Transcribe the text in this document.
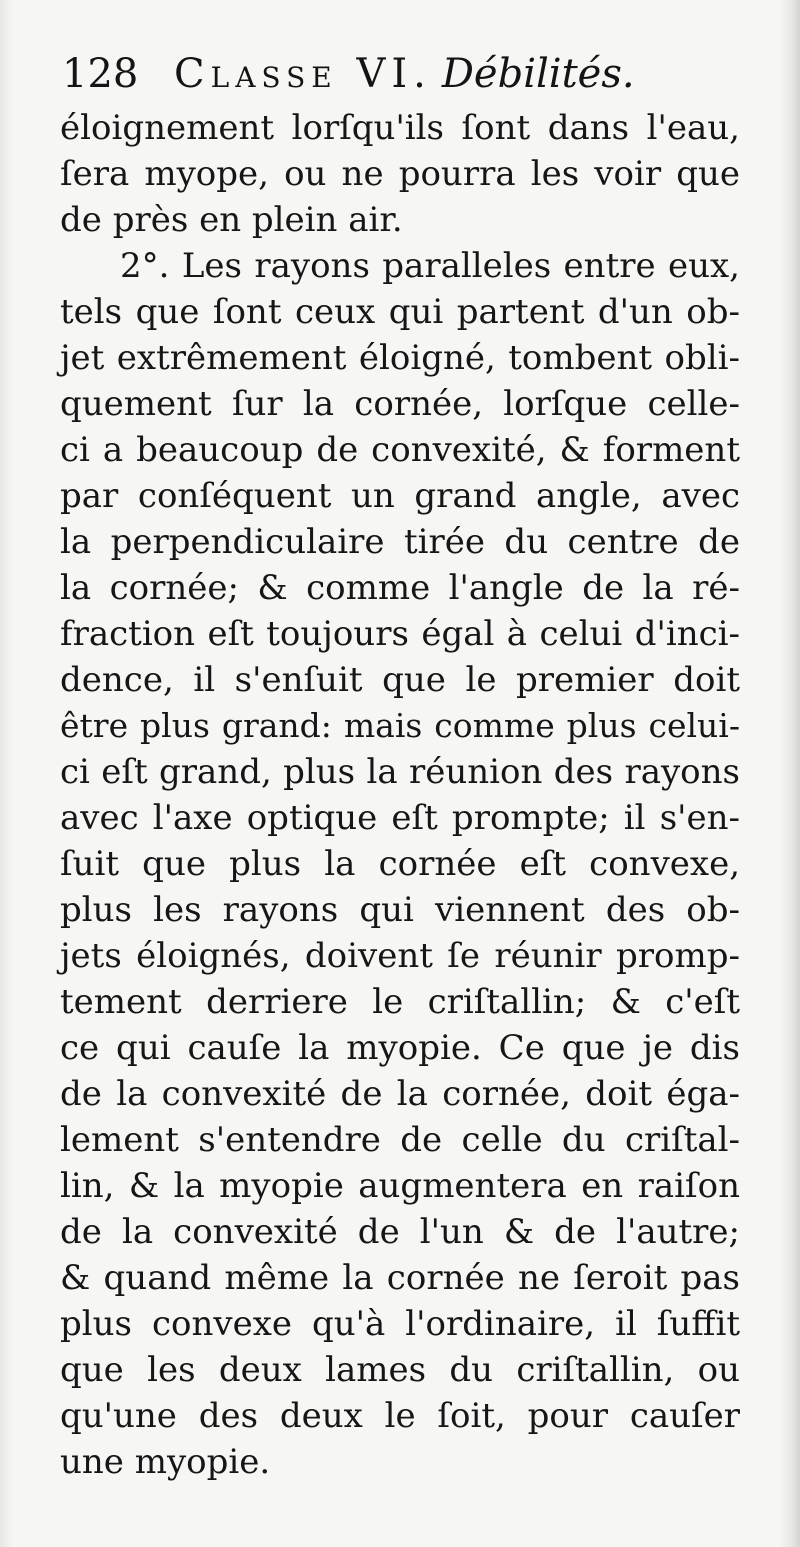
128 Classe VI. Débilités.
éloignement lorſqu'ils ſont dans l'eau,
ſera myope, ou ne pourra les voir que
de près en plein air.
2°. Les rayons paralleles entre eux,
tels que ſont ceux qui partent d'un ob-
jet extrêmement éloigné, tombent obli-
quement ſur la cornée, lorſque celle-
ci a beaucoup de convexité, & forment
par conſéquent un grand angle, avec
la perpendiculaire tirée du centre de
la cornée; & comme l'angle de la ré-
fraction eſt toujours égal à celui d'inci-
dence, il s'enſuit que le premier doit
être plus grand: mais comme plus celui-
ci eſt grand, plus la réunion des rayons
avec l'axe optique eſt prompte; il s'en-
ſuit que plus la cornée eſt convexe,
plus les rayons qui viennent des ob-
jets éloignés, doivent ſe réunir promp-
tement derriere le criſtallin; & c'eſt
ce qui cauſe la myopie. Ce que je dis
de la convexité de la cornée, doit éga-
lement s'entendre de celle du criſtal-
lin, & la myopie augmentera en raiſon
de la convexité de l'un & de l'autre;
& quand même la cornée ne ſeroit pas
plus convexe qu'à l'ordinaire, il ſuffit
que les deux lames du criſtallin, ou
qu'une des deux le ſoit, pour cauſer
une myopie.
